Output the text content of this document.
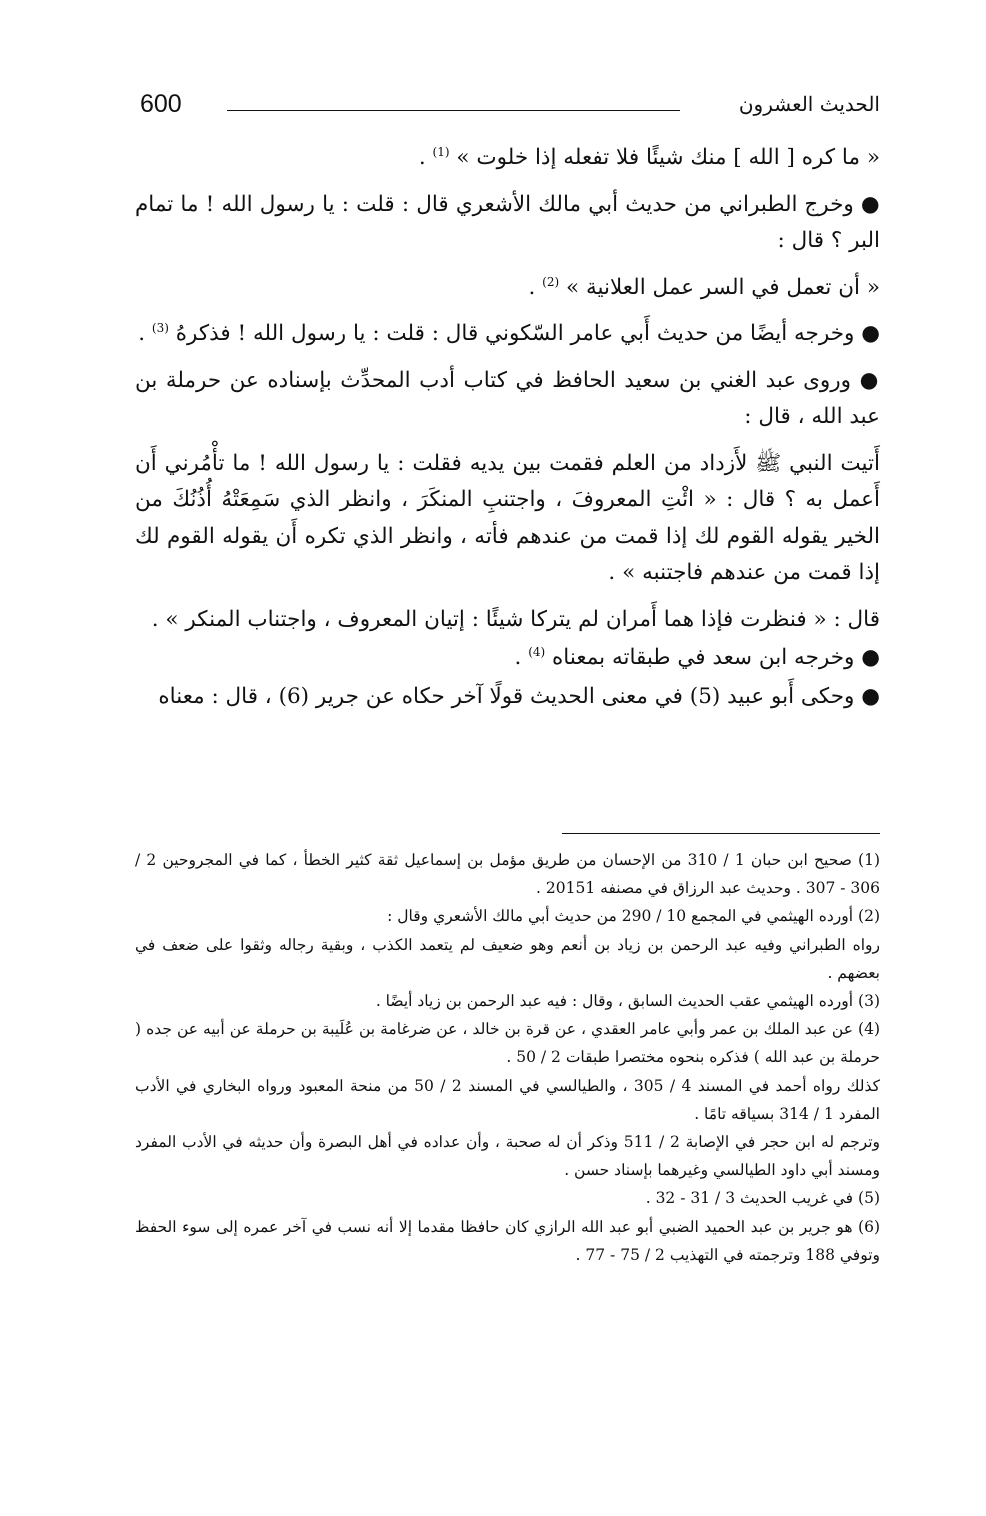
600	الحديث العشرون

« ما كره [ الله ] منك شيئًا فلا تفعله إذا خلوت » $^{(1)}$ .

● وخرج الطبراني من حديث أبي مالك الأشعري قال : قلت : يا رسول الله ! ما تمام البر ؟ قال :

« أن تعمل في السر عمل العلانية » $^{(2)}$ .

● وخرجه أيضًا من حديث أَبي عامر السّكوني قال : قلت : يا رسول الله ! فذكرهُ $^{(3)}$ .

● وروى عبد الغني بن سعيد الحافظ في كتاب أدب المحدِّث بإسناده عن حرملة بن عبد الله ، قال :

أَتيت النبي ﷺ لأَزداد من العلم فقمت بين يديه فقلت : يا رسول الله ! ما تأْمُرني أَن أَعمل به ؟ قال : « ائْتِ المعروفَ ، واجتنبِ المنكَرَ ، وانظر الذي سَمِعَتْهُ أُذُنُكَ من الخير يقوله القوم لك إذا قمت من عندهم فأته ، وانظر الذي تكره أَن يقوله القوم لك إذا قمت من عندهم فاجتنبه » .

قال : « فنظرت فإذا هما أَمران لم يتركا شيئًا : إتيان المعروف ، واجتناب المنكر » .

● وخرجه ابن سعد في طبقاته بمعناه $^{(4)}$ .

● وحكى أَبو عبيد (5) في معنى الحديث قولًا آخر حكاه عن جرير (6) ، قال : معناه

(1) صحيح ابن حبان 1 / 310 من الإحسان من طريق مؤمل بن إسماعيل ثقة كثير الخطأ ، كما في المجروحين 2 / 306 - 307 . وحديث عبد الرزاق في مصنفه 20151 .

(2) أورده الهيثمي في المجمع 10 / 290 من حديث أبي مالك الأشعري وقال :

رواه الطبراني وفيه عبد الرحمن بن زياد بن أنعم وهو ضعيف لم يتعمد الكذب ، وبقية رجاله وثقوا على ضعف في بعضهم .

(3) أورده الهيثمي عقب الحديث السابق ، وقال : فيه عبد الرحمن بن زياد أيضًا .

(4) عن عبد الملك بن عمر وأبي عامر العقدي ، عن قرة بن خالد ، عن ضرغامة بن عُلَيبة بن حرملة عن أبيه عن جده ( حرملة بن عبد الله ) فذكره بنحوه مختصرا طبقات 2 / 50 .

كذلك رواه أحمد في المسند 4 / 305 ، والطيالسي في المسند 2 / 50 من منحة المعبود ورواه البخاري في الأدب المفرد 1 / 314 بسياقه تامًا .

وترجم له ابن حجر في الإصابة 2 / 511 وذكر أن له صحبة ، وأن عداده في أهل البصرة وأن حديثه في الأدب المفرد ومسند أبي داود الطيالسي وغيرهما بإسناد حسن .

(5) في غريب الحديث 3 / 31 - 32 .

(6) هو جرير بن عبد الحميد الضبي أبو عبد الله الرازي كان حافظا مقدما إلا أنه نسب في آخر عمره إلى سوء الحفظ وتوفي 188 وترجمته في التهذيب 2 / 75 - 77 .
